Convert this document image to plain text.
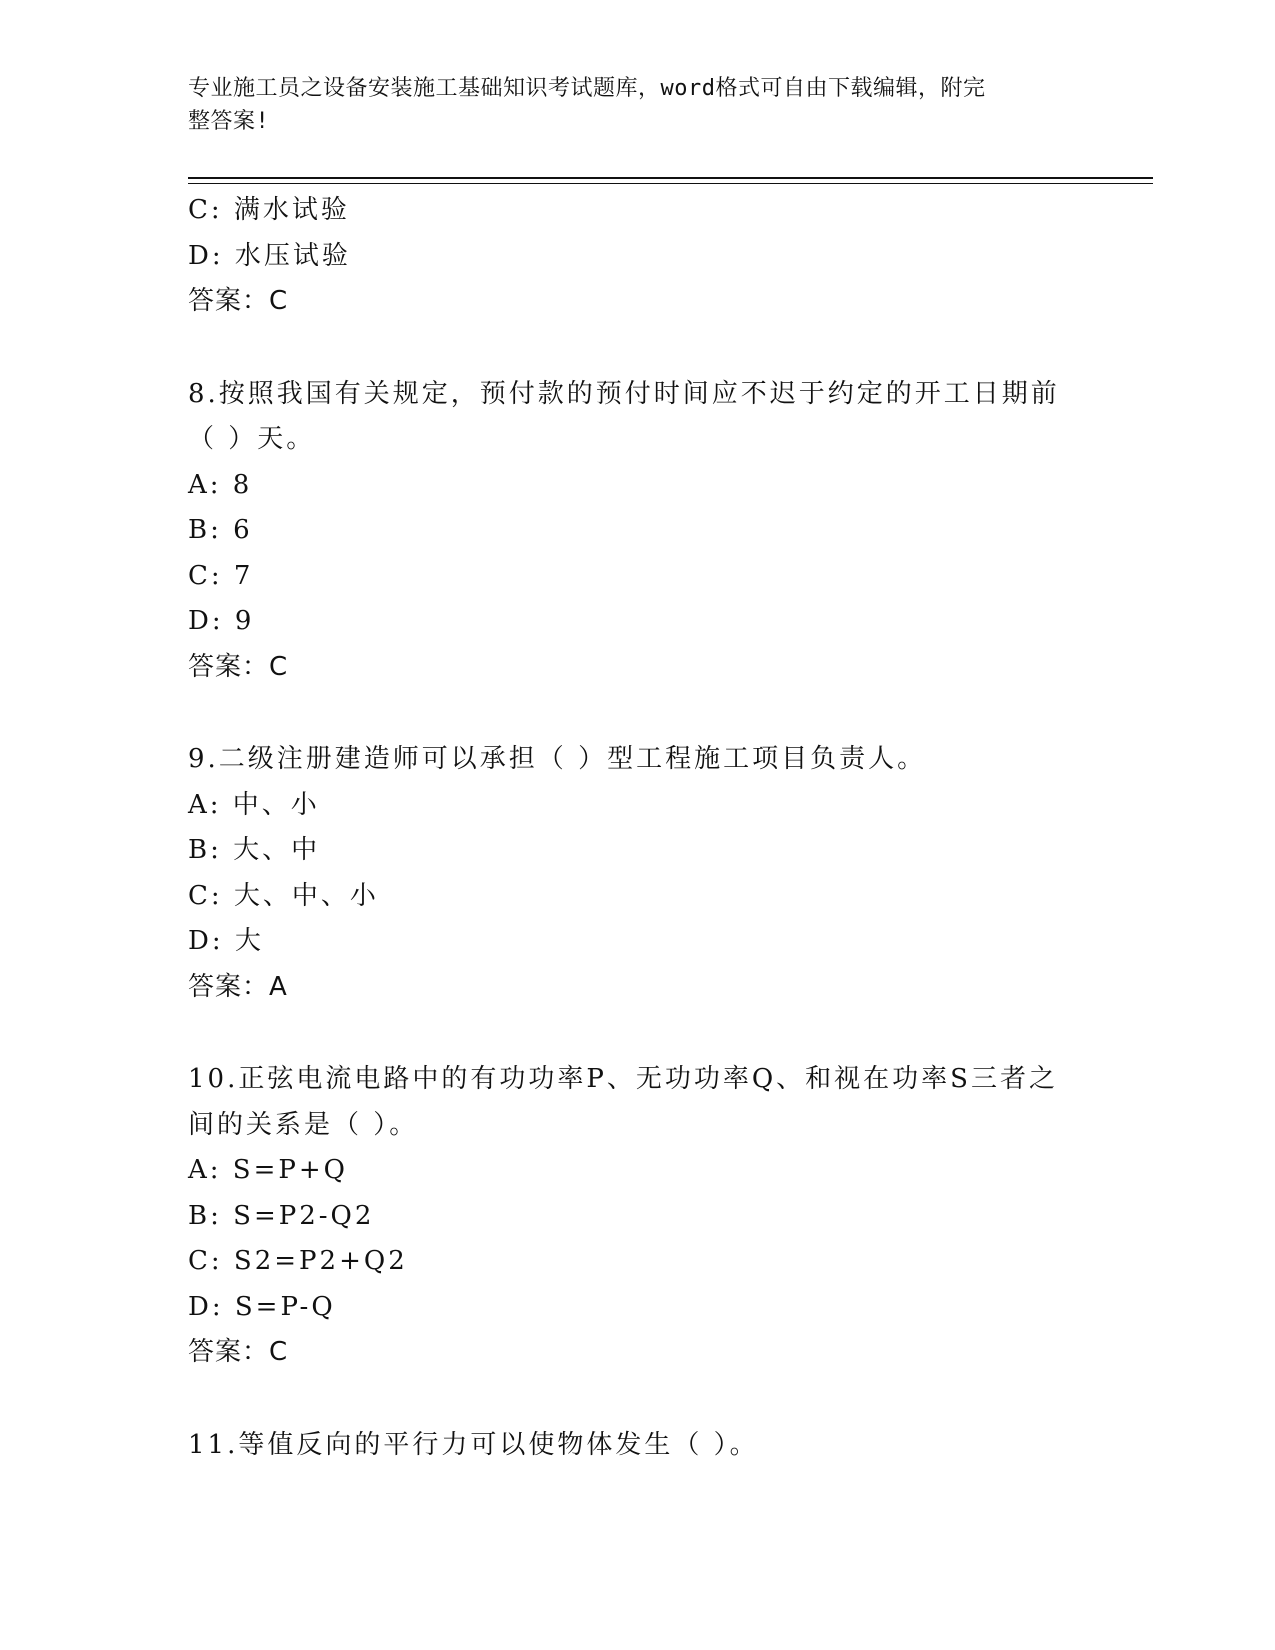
专业施工员之设备安装施工基础知识考试题库，word格式可自由下载编辑，附完
整答案!
C: 满水试验
D: 水压试验
答案：C
8.按照我国有关规定，预付款的预付时间应不迟于约定的开工日期前
（ ）天。
A: 8
B: 6
C: 7
D: 9
答案：C
9.二级注册建造师可以承担（ ）型工程施工项目负责人。
A: 中、小
B: 大、中
C: 大、中、小
D: 大
答案：A
10.正弦电流电路中的有功功率P、无功功率Q、和视在功率S三者之
间的关系是（ ）。
A: S=P+Q
B: S=P2-Q2
C: S2=P2+Q2
D: S=P-Q
答案：C
11.等值反向的平行力可以使物体发生（ ）。
